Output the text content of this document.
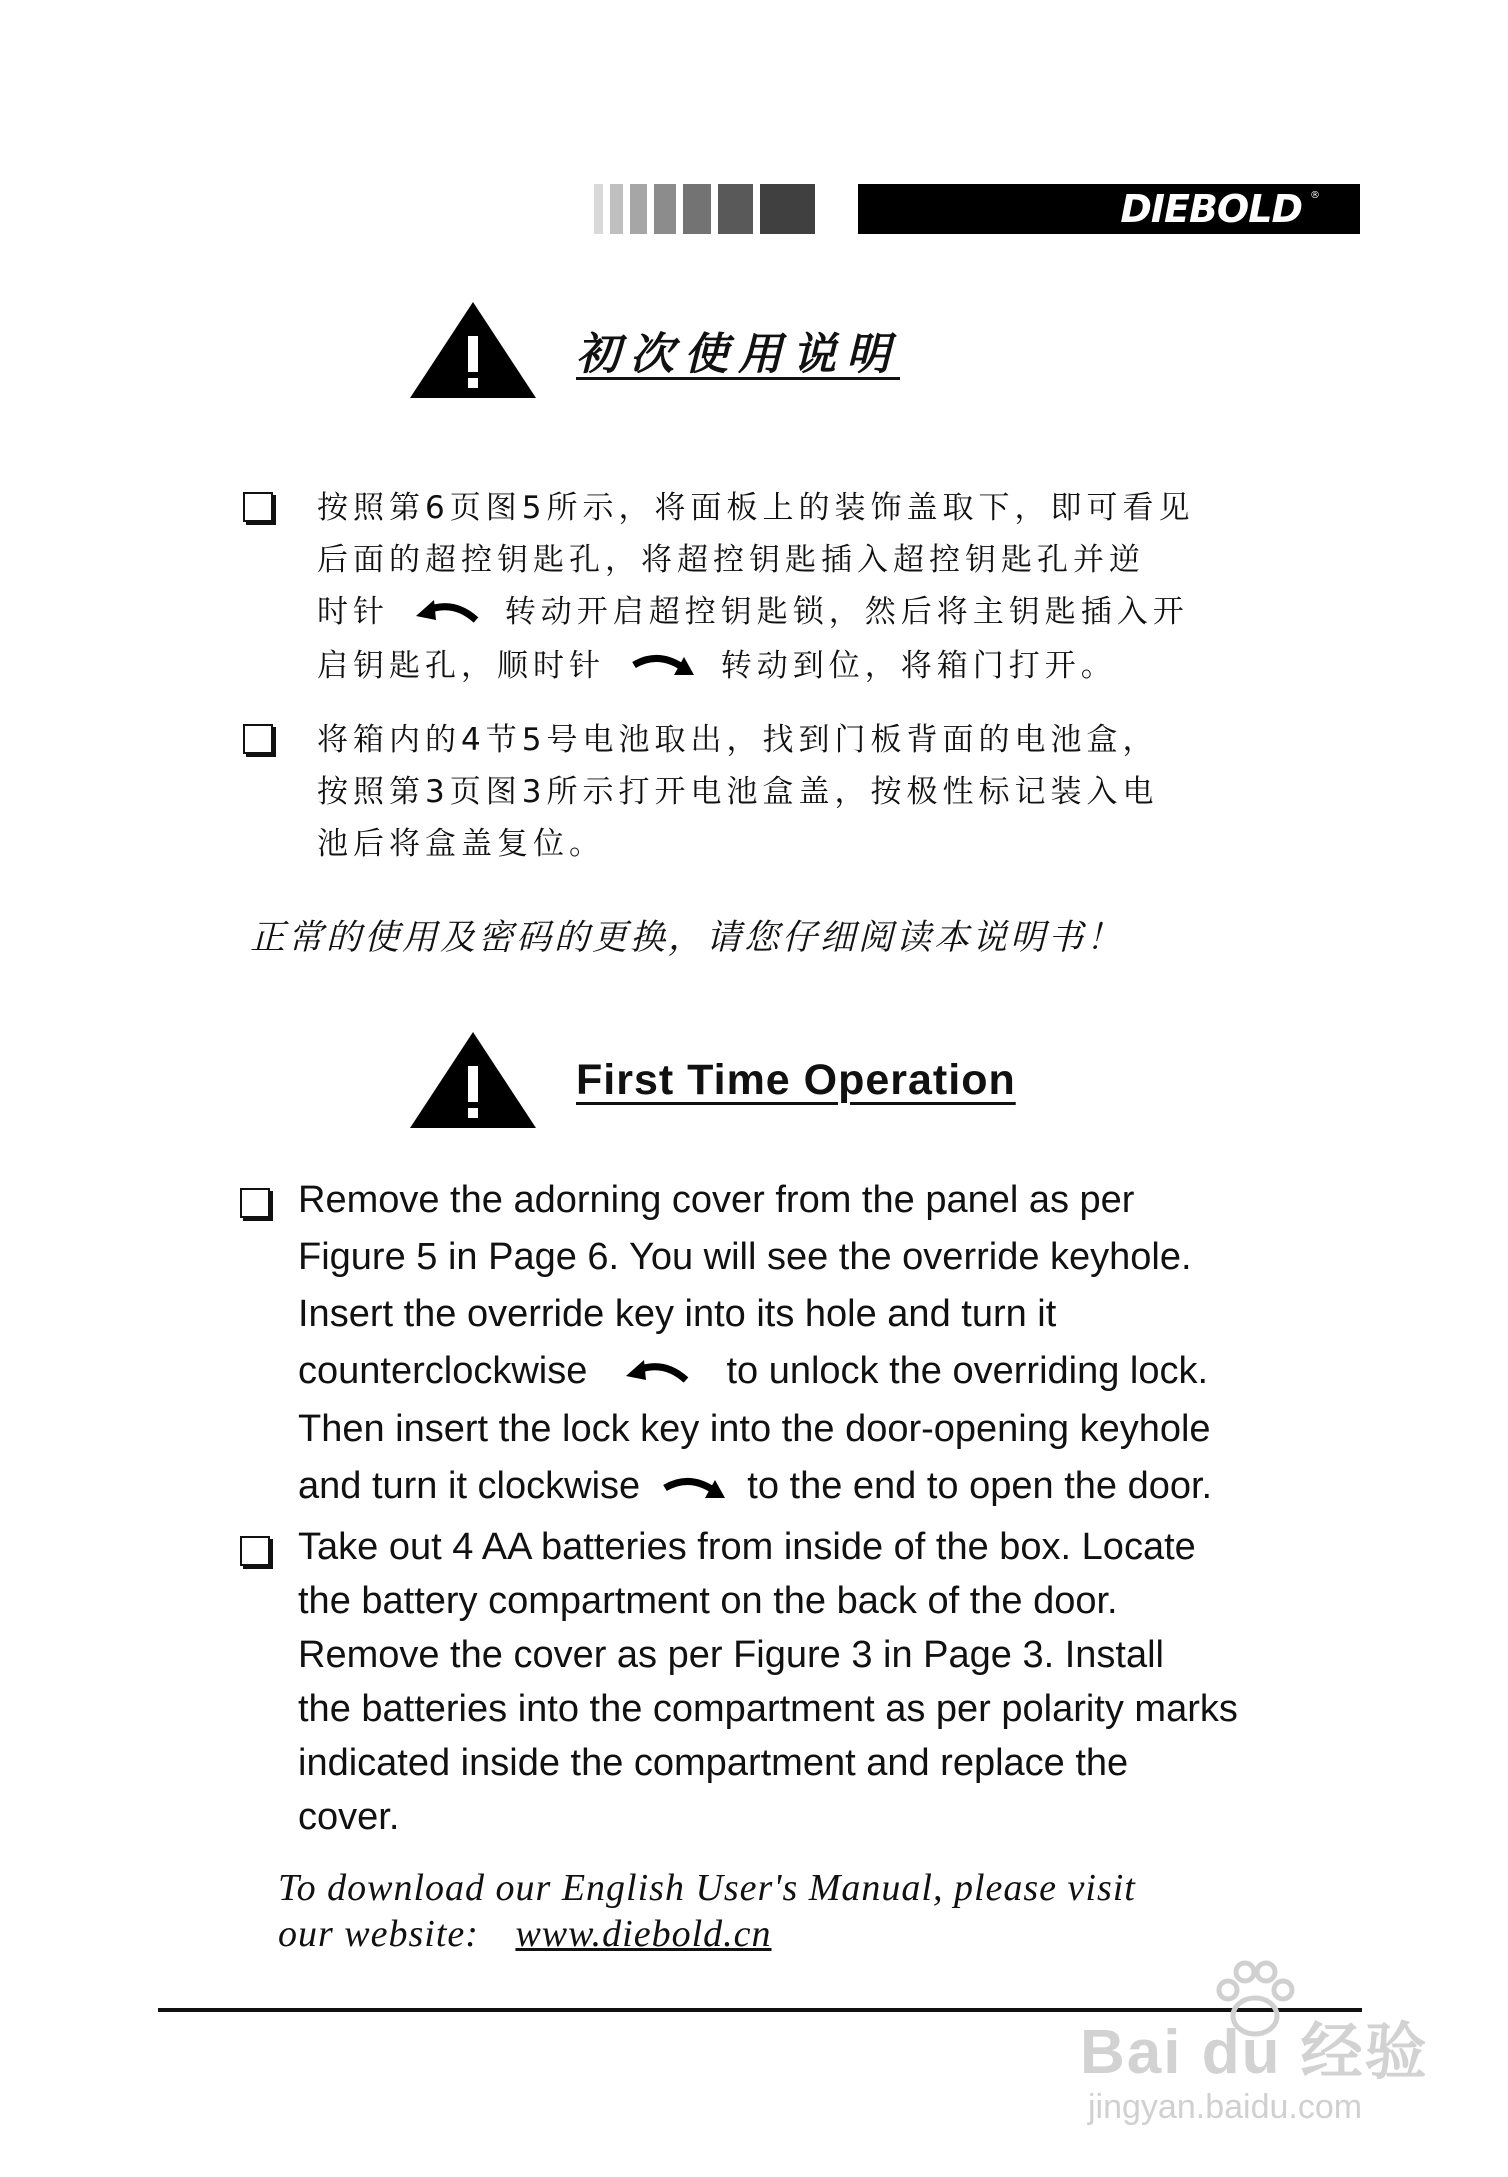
DIEBOLD ®
初次使用说明
按照第6页图5所示，将面板上的装饰盖取下，即可看见
后面的超控钥匙孔，将超控钥匙插入超控钥匙孔并逆
时针	转动开启超控钥匙锁，然后将主钥匙插入开
启钥匙孔，顺时针	转动到位，将箱门打开。
将箱内的4节5号电池取出，找到门板背面的电池盒，
按照第3页图3所示打开电池盒盖，按极性标记装入电
池后将盒盖复位。
正常的使用及密码的更换，请您仔细阅读本说明书！
First Time Operation
Remove the adorning cover from the panel as per
Figure 5 in Page 6. You will see the override keyhole.
Insert the override key into its hole and turn it
counterclockwise	to unlock the overriding lock.
Then insert the lock key into the door-opening keyhole
and turn it clockwise	to the end to open the door.
Take out 4 AA batteries from inside of the box. Locate
the battery compartment on the back of the door.
Remove the cover as per Figure 3 in Page 3. Install
the batteries into the compartment as per polarity marks
indicated inside the compartment and replace the
cover.
To download our English User's Manual, please visit
our website: www.diebold.cn
Bai du 经验
jingyan.baidu.com
